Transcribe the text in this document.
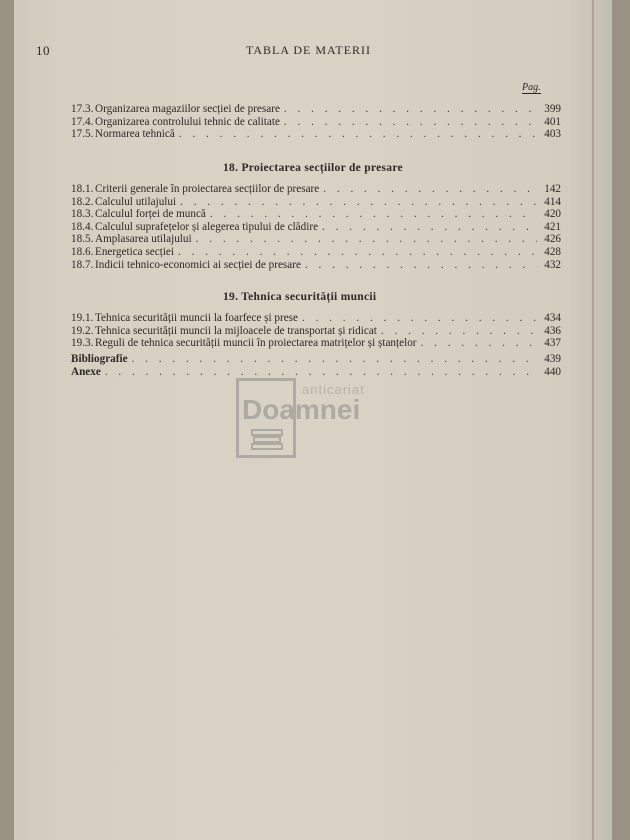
10	TABLA DE MATERII
Pag.
17.3. Organizarea magaziilor secției de presare . . .	399
17.4. Organizarea controlului tehnic de calitate . . .	401
17.5. Normarea tehnică . . .	403
18. Proiectarea secțiilor de presare
18.1. Criterii generale în proiectarea secțiilor de presare . . .	142
18.2. Calculul utilajului . . .	414
18.3. Calculul forței de muncă . . .	420
18.4. Calculul suprafețelor și alegerea tipului de clădire . . .	421
18.5. Amplasarea utilajului . . .	426
18.6. Energetica secției . . .	428
18.7. Indicii tehnico-economici ai secției de presare . . .	432
19. Tehnica securității muncii
19.1. Tehnica securității muncii la foarfece și prese . . .	434
19.2. Tehnica securității muncii la mijloacele de transportat și ridicat . . .	436
19.3. Reguli de tehnica securității muncii în proiectarea matrițelor și ștanțelor . . .	437
Bibliografie . . .	439
Anexe . . .	440
anticariat
Doamnei
